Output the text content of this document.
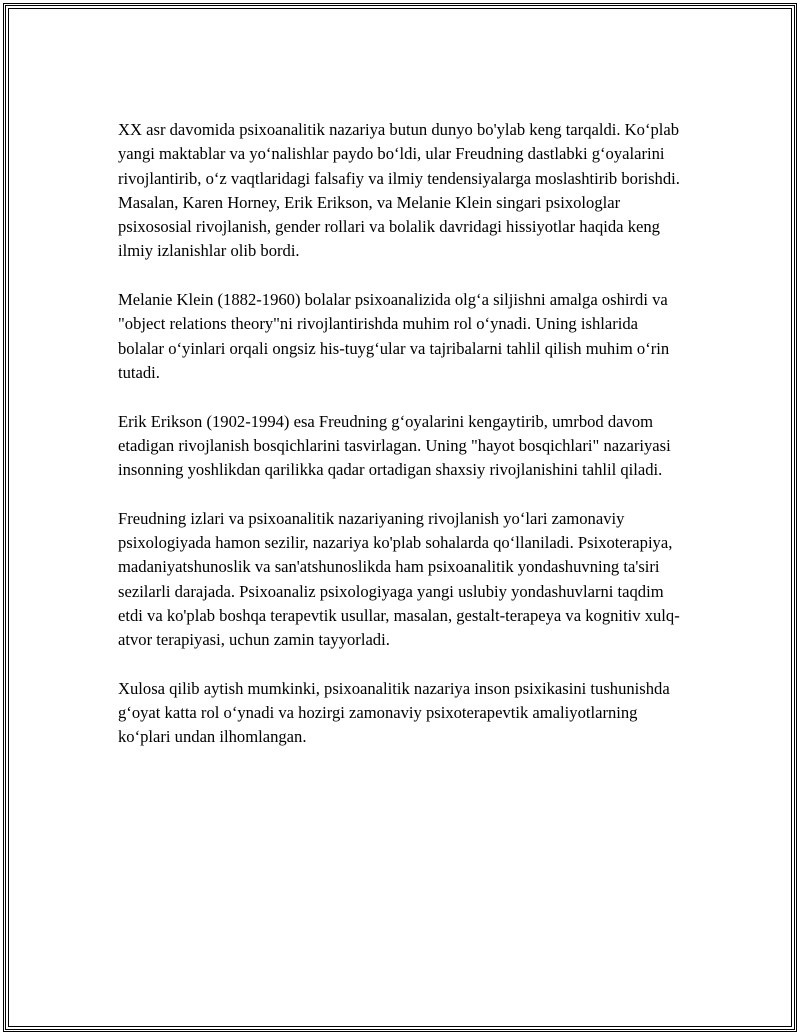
XX asr davomida psixoanalitik nazariya butun dunyo bo'ylab keng tarqaldi. Ko‘plab yangi maktablar va yo‘nalishlar paydo bo‘ldi, ular Freudning dastlabki g‘oyalarini rivojlantirib, o‘z vaqtlaridagi falsafiy va ilmiy tendensiyalarga moslashtirib borishdi. Masalan, Karen Horney, Erik Erikson, va Melanie Klein singari psixologlar psixososial rivojlanish, gender rollari va bolalik davridagi hissiyotlar haqida keng ilmiy izlanishlar olib bordi.

Melanie Klein (1882-1960) bolalar psixoanalizida olg‘a siljishni amalga oshirdi va "object relations theory"ni rivojlantirishda muhim rol o‘ynadi. Uning ishlarida bolalar o‘yinlari orqali ongsiz his-tuyg‘ular va tajribalarni tahlil qilish muhim o‘rin tutadi.

Erik Erikson (1902-1994) esa Freudning g‘oyalarini kengaytirib, umrbod davom etadigan rivojlanish bosqichlarini tasvirlagan. Uning "hayot bosqichlari" nazariyasi insonning yoshlikdan qarilikka qadar ortadigan shaxsiy rivojlanishini tahlil qiladi.

Freudning izlari va psixoanalitik nazariyaning rivojlanish yo‘lari zamonaviy psixologiyada hamon sezilir, nazariya ko'plab sohalarda qo‘llaniladi. Psixoterapiya, madaniyatshunoslik va san'atshunoslikda ham psixoanalitik yondashuvning ta'siri sezilarli darajada. Psixoanaliz psixologiyaga yangi uslubiy yondashuvlarni taqdim etdi va ko'plab boshqa terapevtik usullar, masalan, gestalt-terapeya va kognitiv xulq-atvor terapiyasi, uchun zamin tayyorladi.

Xulosa qilib aytish mumkinki, psixoanalitik nazariya inson psixikasini tushunishda g‘oyat katta rol o‘ynadi va hozirgi zamonaviy psixoterapevtik amaliyotlarning ko‘plari undan ilhomlangan.
